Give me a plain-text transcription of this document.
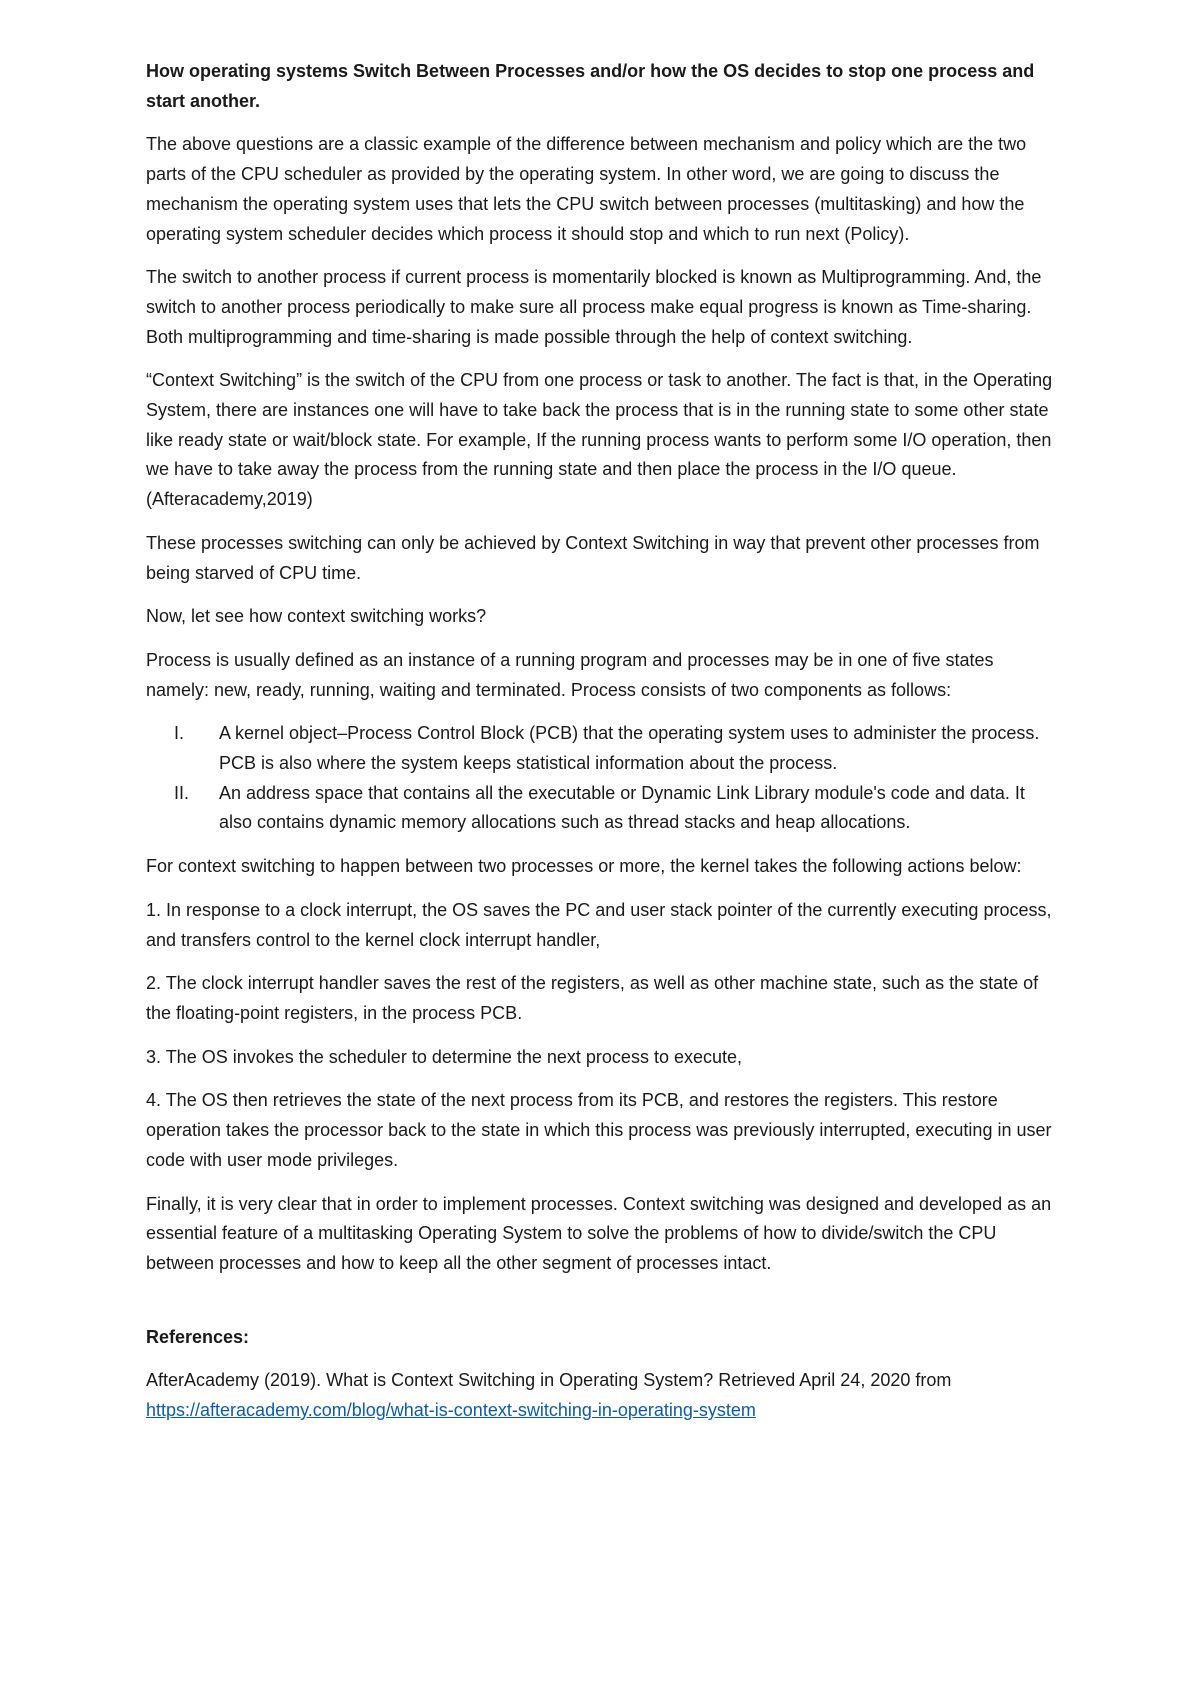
How operating systems Switch Between Processes and/or how the OS decides to stop one process and start another.

The above questions are a classic example of the difference between mechanism and policy which are the two parts of the CPU scheduler as provided by the operating system. In other word, we are going to discuss the mechanism the operating system uses that lets the CPU switch between processes (multitasking) and how the operating system scheduler decides which process it should stop and which to run next (Policy).

The switch to another process if current process is momentarily blocked is known as Multiprogramming. And, the switch to another process periodically to make sure all process make equal progress is known as Time-sharing. Both multiprogramming and time-sharing is made possible through the help of context switching.

“Context Switching” is the switch of the CPU from one process or task to another. The fact is that, in the Operating System, there are instances one will have to take back the process that is in the running state to some other state like ready state or wait/block state. For example, If the running process wants to perform some I/O operation, then we have to take away the process from the running state and then place the process in the I/O queue. (Afteracademy,2019)

These processes switching can only be achieved by Context Switching in way that prevent other processes from being starved of CPU time.

Now, let see how context switching works?

Process is usually defined as an instance of a running program and processes may be in one of five states namely: new, ready, running, waiting and terminated. Process consists of two components as follows:

I. A kernel object–Process Control Block (PCB) that the operating system uses to administer the process. PCB is also where the system keeps statistical information about the process.
II. An address space that contains all the executable or Dynamic Link Library module's code and data. It also contains dynamic memory allocations such as thread stacks and heap allocations.

For context switching to happen between two processes or more, the kernel takes the following actions below:

1. In response to a clock interrupt, the OS saves the PC and user stack pointer of the currently executing process, and transfers control to the kernel clock interrupt handler,

2. The clock interrupt handler saves the rest of the registers, as well as other machine state, such as the state of the floating-point registers, in the process PCB.

3. The OS invokes the scheduler to determine the next process to execute,

4. The OS then retrieves the state of the next process from its PCB, and restores the registers. This restore operation takes the processor back to the state in which this process was previously interrupted, executing in user code with user mode privileges.

Finally, it is very clear that in order to implement processes. Context switching was designed and developed as an essential feature of a multitasking Operating System to solve the problems of how to divide/switch the CPU between processes and how to keep all the other segment of processes intact.

References:

AfterAcademy (2019). What is Context Switching in Operating System? Retrieved April 24, 2020 from
https://afteracademy.com/blog/what-is-context-switching-in-operating-system
